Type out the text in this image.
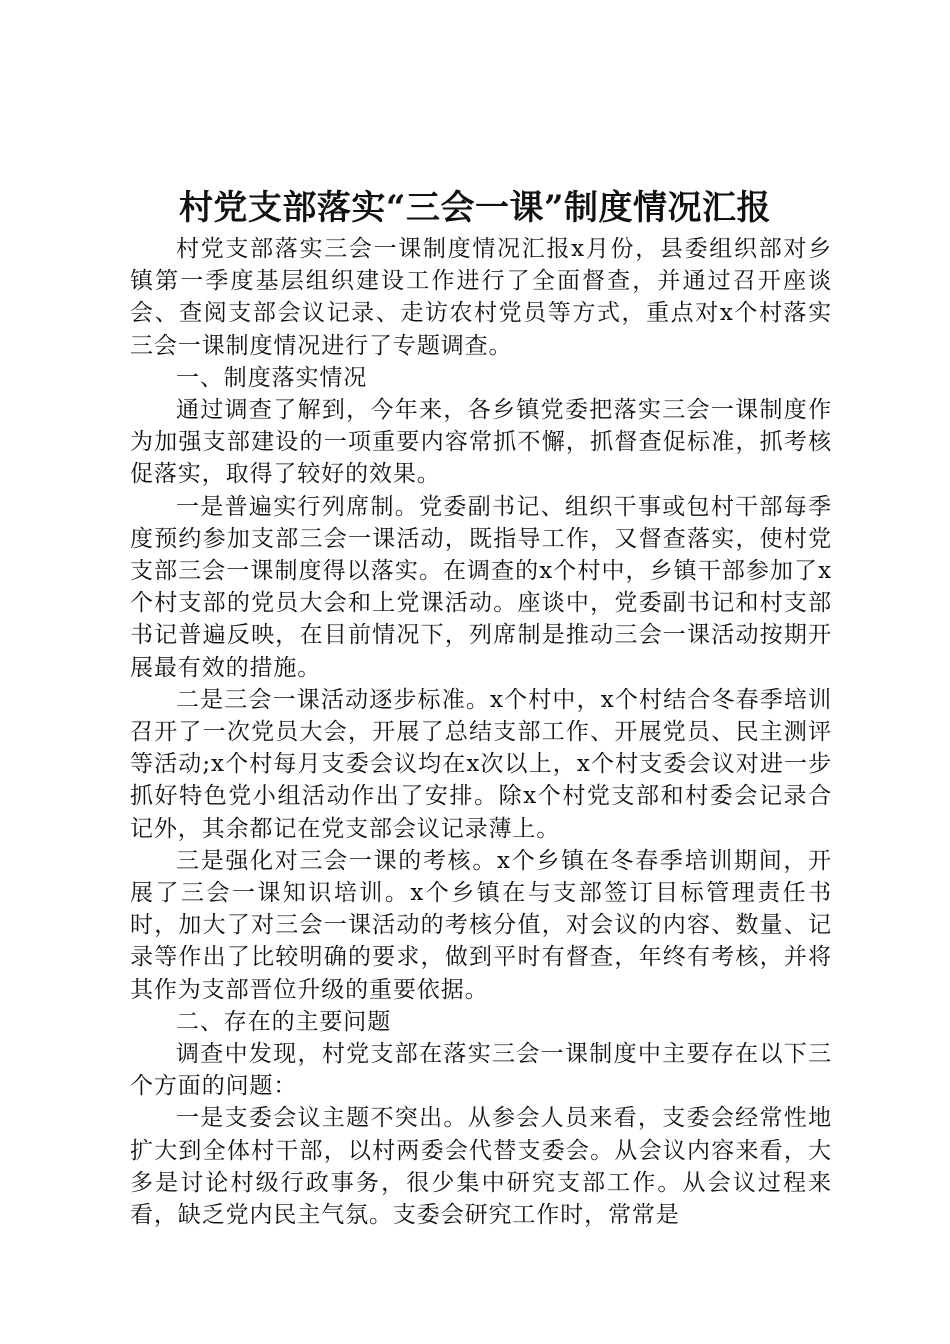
村党支部落实“三会一课”制度情况汇报

村党支部落实三会一课制度情况汇报x月份，县委组织部对乡镇第一季度基层组织建设工作进行了全面督查，并通过召开座谈会、查阅支部会议记录、走访农村党员等方式，重点对x个村落实三会一课制度情况进行了专题调查。

一、制度落实情况

通过调查了解到，今年来，各乡镇党委把落实三会一课制度作为加强支部建设的一项重要内容常抓不懈，抓督查促标准，抓考核促落实，取得了较好的效果。

一是普遍实行列席制。党委副书记、组织干事或包村干部每季度预约参加支部三会一课活动，既指导工作，又督查落实，使村党支部三会一课制度得以落实。在调查的x个村中，乡镇干部参加了x个村支部的党员大会和上党课活动。座谈中，党委副书记和村支部书记普遍反映，在目前情况下，列席制是推动三会一课活动按期开展最有效的措施。

二是三会一课活动逐步标准。x个村中，x个村结合冬春季培训召开了一次党员大会，开展了总结支部工作、开展党员、民主测评等活动;x个村每月支委会议均在x次以上，x个村支委会议对进一步抓好特色党小组活动作出了安排。除x个村党支部和村委会记录合记外，其余都记在党支部会议记录薄上。

三是强化对三会一课的考核。x个乡镇在冬春季培训期间，开展了三会一课知识培训。x个乡镇在与支部签订目标管理责任书时，加大了对三会一课活动的考核分值，对会议的内容、数量、记录等作出了比较明确的要求，做到平时有督查，年终有考核，并将其作为支部晋位升级的重要依据。

二、存在的主要问题

调查中发现，村党支部在落实三会一课制度中主要存在以下三个方面的问题：

一是支委会议主题不突出。从参会人员来看，支委会经常性地扩大到全体村干部，以村两委会代替支委会。从会议内容来看，大多是讨论村级行政事务，很少集中研究支部工作。从会议过程来看，缺乏党内民主气氛。支委会研究工作时，常常是
